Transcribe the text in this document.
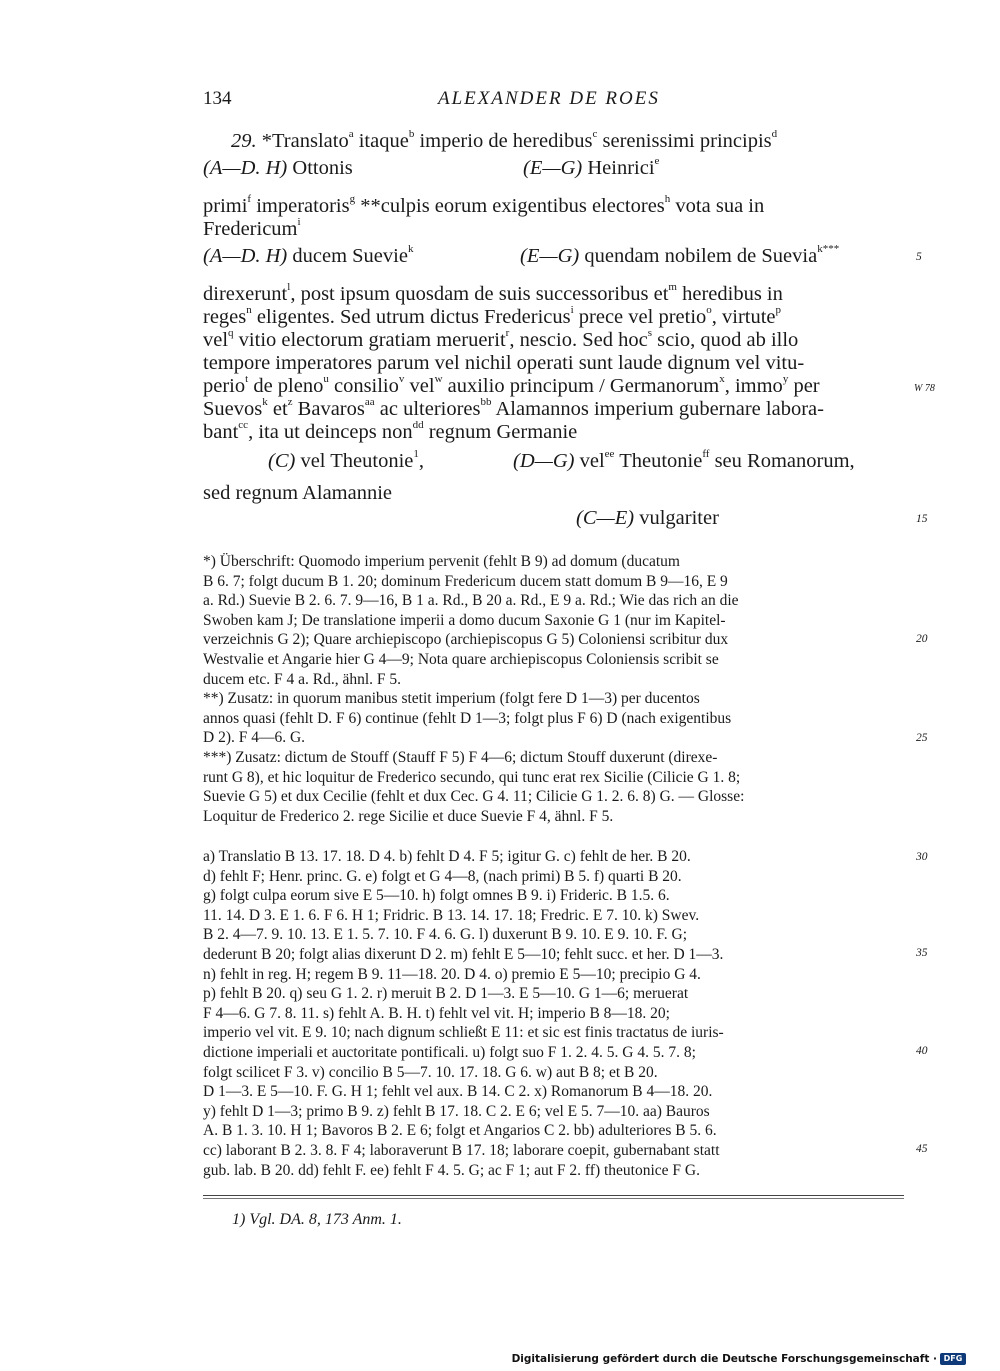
134	ALEXANDER DE ROES
29. *Translato$^a$ itaque$^b$ imperio de heredibus$^c$ serenissimi principis$^d$
(A—D. H) Ottonis	(E—G) Heinrici$^e$
primi$^f$ imperatoris$^g$ **culpis eorum exigentibus electores$^h$ vota sua in
Fredericum$^i$
(A—D. H) ducem Suevie$^k$	(E—G) quendam nobilem de Suevia$^{k***}$
5
direxerunt$^l$, post ipsum quosdam de suis successoribus $et^m$ heredibus in
reges$^n$ eligentes. Sed utrum dictus Fredericus$^i$ prece vel pretio$^o$, virtute$^p$
vel$^q$ vitio electorum gratiam meruerit$^r$, nescio. Sed hoc$^s$ scio, quod ab illo
tempore imperatores parum vel nichil operati sunt laude dignum vel vitu-
perio$^t$ de pleno$^u$ consilio$^v$ vel$^w$ auxilio principum / Germanorum$^x$, immo$^y$ per	W 78
Suevos$^k$ $et^z$ Bavaros$^{aa}$ ac ulteriores$^{bb}$ Alamannos imperium gubernare labora-
bant$^{cc}$, ita ut deinceps non$^{dd}$ regnum Germanie
(C) vel Theutonie$^1$,	(D—G) vel$^{ee}$ Theutonie$^{ff}$ seu Romanorum,
sed regnum Alamannie
(C—E) vulgariter	15
*) Überschrift: Quomodo imperium pervenit (fehlt B 9) ad domum (ducatum
B 6. 7; folgt ducum B 1. 20; dominum Fredericum ducem statt domum B 9—16, E 9
a. Rd.) Suevie B 2. 6. 7. 9—16, B 1 a. Rd., B 20 a. Rd., E 9 a. Rd.; Wie das rich an die
Swoben kam J; De translatione imperii a domo ducum Saxonie G 1 (nur im Kapitel-
verzeichnis G 2); Quare archiepiscopo (archiepiscopus G 5) Coloniensi scribitur dux
Westvalie et Angarie hier G 4—9; Nota quare archiepiscopus Coloniensis scribit se
ducem etc. F 4 a. Rd., ähnl. F 5.
**) Zusatz: in quorum manibus stetit imperium (folgt fere D 1—3) per ducentos
annos quasi (fehlt D. F 6) continue (fehlt D 1—3; folgt plus F 6) D (nach exigentibus
D 2). F 4—6. G.
***) Zusatz: dictum de Stouff (Stauff F 5) F 4—6; dictum Stouff duxerunt (direxe-
runt G 8), et hic loquitur de Frederico secundo, qui tunc erat rex Sicilie (Cilicie G 1. 8;
Suevie G 5) et dux Cecilie (fehlt et dux Cec. G 4. 11; Cilicie G 1. 2. 6. 8) G. — Glosse:
Loquitur de Frederico 2. rege Sicilie et duce Suevie F 4, ähnl. F 5.
20
25
a) Translatio B 13. 17. 18. D 4. b) fehlt D 4. F 5; igitur G. c) fehlt de her. B 20.
d) fehlt F; Henr. princ. G. e) folgt et G 4—8, (nach primi) B 5. f) quarti B 20.
g) folgt culpa eorum sive E 5—10. h) folgt omnes B 9. i) Frideric. B 1.5. 6.
11. 14. D 3. E 1. 6. F 6. H 1; Fridric. B 13. 14. 17. 18; Fredric. E 7. 10. k) Swev.
B 2. 4—7. 9. 10. 13. E 1. 5. 7. 10. F 4. 6. G. l) duxerunt B 9. 10. E 9. 10. F. G;
dederunt B 20; folgt alias dixerunt D 2. m) fehlt E 5—10; fehlt succ. et her. D 1—3.
n) fehlt in reg. H; regem B 9. 11—18. 20. D 4. o) premio E 5—10; precipio G 4.
p) fehlt B 20. q) seu G 1. 2. r) meruit B 2. D 1—3. E 5—10. G 1—6; meruerat
F 4—6. G 7. 8. 11. s) fehlt A. B. H. t) fehlt vel vit. H; imperio B 8—18. 20;
imperio vel vit. E 9. 10; nach dignum schließt E 11: et sic est finis tractatus de iuris-
dictione imperiali et auctoritate pontificali. u) folgt suo F 1. 2. 4. 5. G 4. 5. 7. 8;
folgt scilicet F 3. v) concilio B 5—7. 10. 17. 18. G 6. w) aut B 8; et B 20.
D 1—3. E 5—10. F. G. H 1; fehlt vel aux. B 14. C 2. x) Romanorum B 4—18. 20.
y) fehlt D 1—3; primo B 9. z) fehlt B 17. 18. C 2. E 6; vel E 5. 7—10. aa) Bauros
A. B 1. 3. 10. H 1; Bavoros B 2. E 6; folgt et Angarios C 2. bb) adulteriores B 5. 6.
cc) laborant B 2. 3. 8. F 4; laboraverunt B 17. 18; laborare coepit, gubernabant statt
gub. lab. B 20. dd) fehlt F. ee) fehlt F 4. 5. G; ac F 1; aut F 2. ff) theutonice F G.
30
35
40
45
1) Vgl. DA. 8, 173 Anm. 1.
Digitalisierung gefördert durch die Deutsche Forschungsgemeinschaft · DFG
